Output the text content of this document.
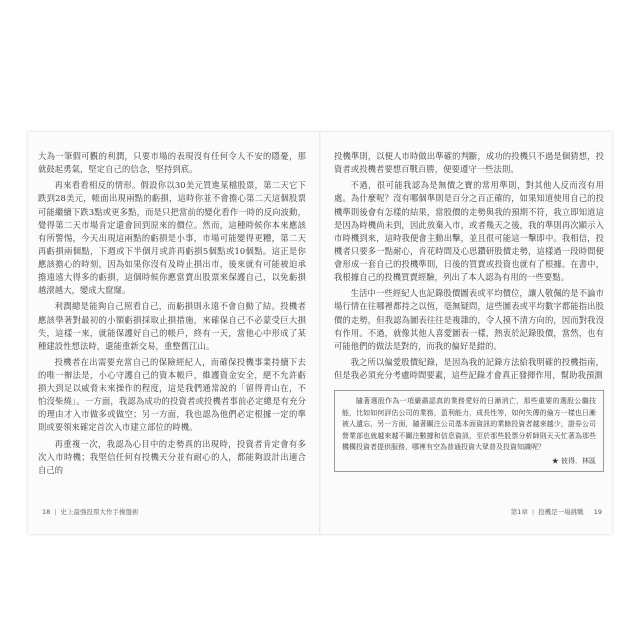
大為一筆假可觀的利潤，只要市場的表現沒有任何令人不安的隱憂，那就鼓起勇氣，堅定自己的信念，堅持到底。

再來看看相反的情形。假設你以30美元買進某檔股票，第二天它下跌到28美元，帳面出現兩點的虧損，這時你並不會擔心第二天這個股票可能繼續下跌3點或更多點，而是只把當前的變化看作一時的反向波動，覺得第二天市場肯定還會回到原來的價位。然而，這種時候你本來應該有所警惕，今天出現這兩點的虧損是小事，市場可能變得更糟，第二天再虧損兩個點，下週或下半個月或許再虧損5個點或10個點。這正是你應該擔心的時刻，因為如果你沒有及時止損出市，後來就有可能被迫承擔遠遠大得多的虧損，這個時候你應當賣出股票來保護自己，以免虧損越滾越大，變成大窟窿。

利潤總是能夠自己照看自己，而虧損則永遠不會自動了結。投機者應該學著對最初的小額虧損採取止損措施，來確保自己不必蒙受巨大損失，這樣一來，就能保護好自己的帳戶，終有一天，當他心中形成了某種建設性想法時，還能重新交易，重整舊江山。

投機者在出需要充當自己的保險經紀人，而確保投機事業持續下去的唯一辦法是，小心守護自己的資本帳戶，維護資金安全，絕不允許虧損大到足以威脅未來操作的程度，這是我們通常說的「留得青山在，不怕沒柴燒」。一方面，我認為成功的投資者或投機者事前必定總是有充分的理由才入市做多或做空；另一方面，我也認為他們必定根據一定的準則或要領來確定首次入市建立部位的時機。

再重複一次，我認為心目中的走勢真的出現時，投資者肯定會有多次入市時機；我堅信任何有投機天分並有耐心的人，都能夠設計出適合自己的

18 | 史上最強投票大作手操盤術

投機準則，以便人市時做出準確的判斷，成功的投機只不過是個猜想，投資者或投機者要想百戰百勝，便要遵守一些法則。

不過，很可能我認為是無價之寶的常用準則，對其他人反而沒有用處。為什麼呢？沒有哪個準則是百分之百正確的，如果知道使用自己的投機準則後會有怎樣的結果，當股價的走勢與我的預期不符，我立即知道這是因為時機尚未到，因此放棄入市，或者幾天之後，我的準則再次顯示入市時機到來，這時我便會主動出擊，並且很可能這一擊即中。我相信，投機者只要多一點耐心，肯花時間及心思鑽研股價走勢，這樣過一段時間便會形成一套自己的投機準則，日後的買賣或投資也就有了根據。在書中，我根據自己的投機買賣經驗，列出了本人認為有用的一些要點。

生活中一些經紀人也記錄股價圖表或平均價位，讓人敬佩的是不論市場行情在往哪裡都持之以恆，毫無疑問，這些圖表或平均數字都能指出股價的走勢，但我認為圖表往往是複雜的，令人摸不清方向的，因而對我沒有作用。不過，就像其他人喜愛圖表一樣，熱衷於記錄股價，當然，也有可能他們的做法是對的，而我的偏好是錯的。

我之所以偏愛股價紀錄，是因為我的記錄方法給我明確的投機指南，但是我必須充分考慮時間要素，這些記錄才會真正發揮作用，幫助我預測

隨著選股作為一項嚴肅認真的業務愛好的日漸消亡，那些重要的選股公繼技能，比如如何評估公司的業務，盈利能力，成長性等，如何失傳的倫方一樣也日漸被人遺忘，另一方面，隨著關注公司基本面資訊的業餘投資者越來越少，證券公司營業部也就越來越不關注數據和信息資訊，至於那些股票分析師則天天忙著為那些機構投資者提供服務，哪裡有空為普通投資大眾普及投資知識呢？

★ 彼得．林區
第1章 | 投機是一場挑戰 19
